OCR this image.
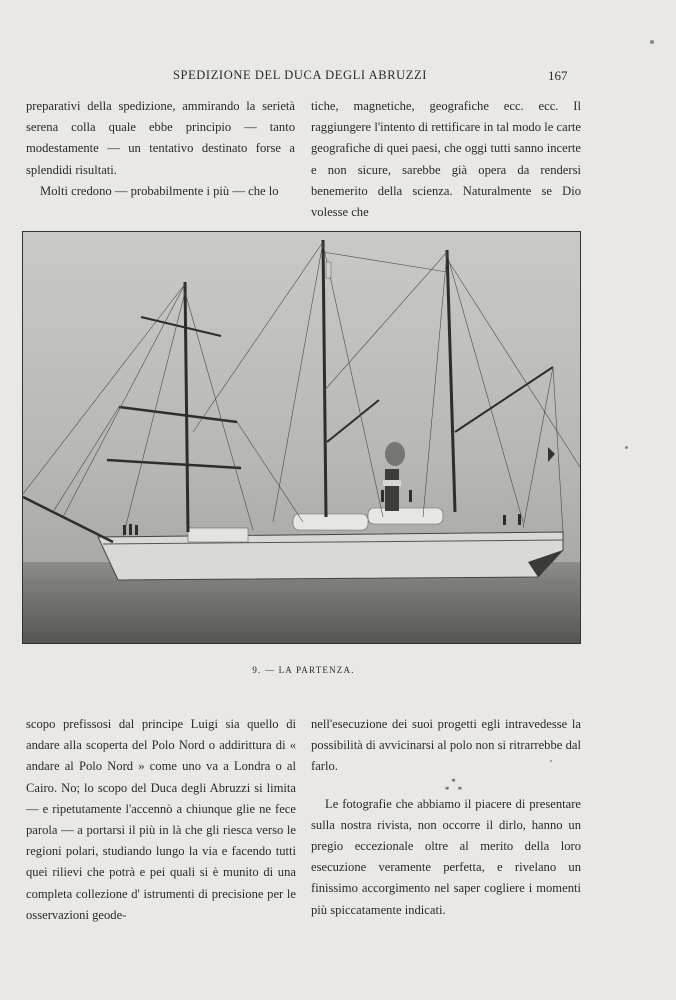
SPEDIZIONE DEL DUCA DEGLI ABRUZZI	167

preparativi della spedizione, ammirando la serietà serena colla quale ebbe principio — tanto modestamente — un tentativo destinato forse a splendidi risultati.

Molti credono — probabilmente i più — che lo

tiche, magnetiche, geografiche ecc. ecc. Il raggiungere l'intento di rettificare in tal modo le carte geografiche di quei paesi, che oggi tutti sanno incerte e non sicure, sarebbe già opera da rendersi benemerito della scienza. Naturalmente se Dio volesse che

9. — LA PARTENZA.

scopo prefissosi dal principe Luigi sia quello di andare alla scoperta del Polo Nord o addirittura di « andare al Polo Nord » come uno va a Londra o al Cairo. No; lo scopo del Duca degli Abruzzi si limita — e ripetutamente l'accennò a chiunque glie ne fece parola — a portarsi il più in là che gli riesca verso le regioni polari, studiando lungo la via e facendo tutti quei rilievi che potrà e pei quali si è munito di una completa collezione d' istrumenti di precisione per le osservazioni geode-

nell'esecuzione dei suoi progetti egli intravedesse la possibilità di avvicinarsi al polo non si ritrarrebbe dal farlo.

*

* *

Le fotografie che abbiamo il piacere di presentare sulla nostra rivista, non occorre il dirlo, hanno un pregio eccezionale oltre al merito della loro esecuzione veramente perfetta, e rivelano un finissimo accorgimento nel saper cogliere i momenti più spiccatamente indicati.
